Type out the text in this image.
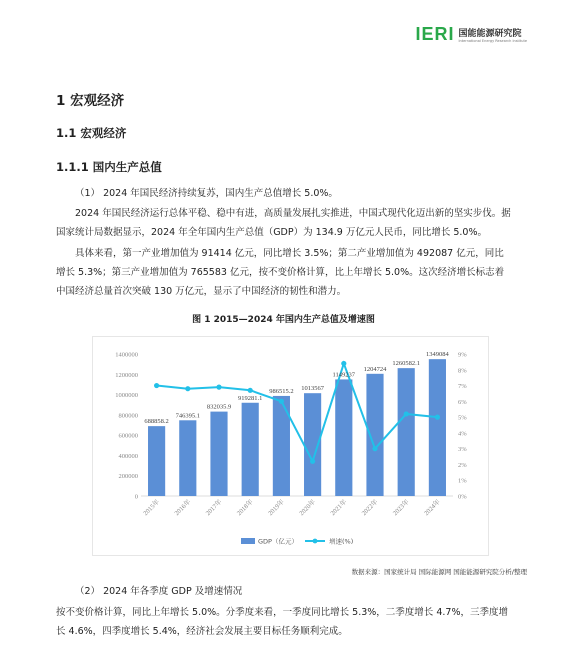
IERI 国能能源研究院
International Energy Research Institute
1 宏观经济
1.1 宏观经济
1.1.1 国内生产总值
（1） 2024 年国民经济持续复苏，国内生产总值增长 5.0%。
2024 年国民经济运行总体平稳、稳中有进，高质量发展扎实推进，中国式现代化迈出新的坚实步伐。据国家统计局数据显示，2024 年全年国内生产总值（GDP）为 134.9 万亿元人民币，同比增长 5.0%。
具体来看，第一产业增加值为 91414 亿元，同比增长 3.5%；第二产业增加值为 492087 亿元，同比增长 5.3%；第三产业增加值为 765583 亿元，按不变价格计算，比上年增长 5.0%。这次经济增长标志着中国经济总量首次突破 130 万亿元，显示了中国经济的韧性和潜力。
图 1 2015—2024 年国内生产总值及增速图
0
200000
400000
600000
800000
1000000
1200000
1400000
0%
1%
2%
3%
4%
5%
6%
7%
8%
9%
688858.2
746395.1
832035.9
919281.1
986515.2 1013567
1149237
1204724
1260582.1
1349084
2015年 2016年 2017年 2018年 2019年 2020年 2021年 2022年 2023年 2024年
GDP（亿元）	增速(%)
数据来源：国家统计局 国际能源网 国能能源研究院分析/整理
（2） 2024 年各季度 GDP 及增速情况
按不变价格计算，同比上年增长 5.0%。分季度来看，一季度同比增长 5.3%，二季度增长 4.7%，三季度增长 4.6%，四季度增长 5.4%，经济社会发展主要目标任务顺利完成。
